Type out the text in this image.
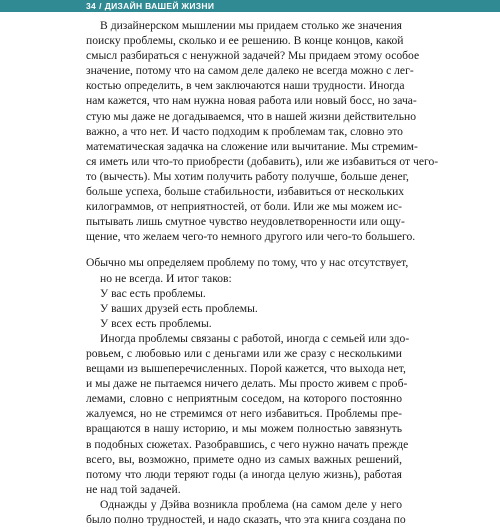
34 / ДИЗАЙН ВАШЕЙ ЖИЗНИ
В дизайнерском мышлении мы придаем столько же значения
поиску проблемы, сколько и ее решению. В конце концов, какой
смысл разбираться с ненужной задачей? Мы придаем этому особое
значение, потому что на самом деле далеко не всегда можно с лег-
костью определить, в чем заключаются наши трудности. Иногда
нам кажется, что нам нужна новая работа или новый босс, но зача-
стую мы даже не догадываемся, что в нашей жизни действительно
важно, а что нет. И часто подходим к проблемам так, словно это
математическая задачка на сложение или вычитание. Мы стремим-
ся иметь или что-то приобрести (добавить), или же избавиться от чего-
то (вычесть). Мы хотим получить работу получше, больше денег,
больше успеха, больше стабильности, избавиться от нескольких
килограммов, от неприятностей, от боли. Или же мы можем ис-
пытывать лишь смутное чувство неудовлетворенности или ощу-
щение, что желаем чего-то немного другого или чего-то большего.
Обычно мы определяем проблему по тому, что у нас отсутствует,
но не всегда. И итог таков:
У вас есть проблемы.
У ваших друзей есть проблемы.
У всех есть проблемы.
Иногда проблемы связаны с работой, иногда с семьей или здо-
ровьем, с любовью или с деньгами или же сразу с несколькими
вещами из вышеперечисленных. Порой кажется, что выхода нет,
и мы даже не пытаемся ничего делать. Мы просто живем с проб-
лемами, словно с неприятным соседом, на которого постоянно
жалуемся, но не стремимся от него избавиться. Проблемы пре-
вращаются в нашу историю, и мы можем полностью завязнуть
в подобных сюжетах. Разобравшись, с чего нужно начать прежде
всего, вы, возможно, примете одно из самых важных решений,
потому что люди теряют годы (а иногда целую жизнь), работая
не над той задачей.
Однажды у Дэйва возникла проблема (на самом деле у него
было полно трудностей, и надо сказать, что эта книга создана по
